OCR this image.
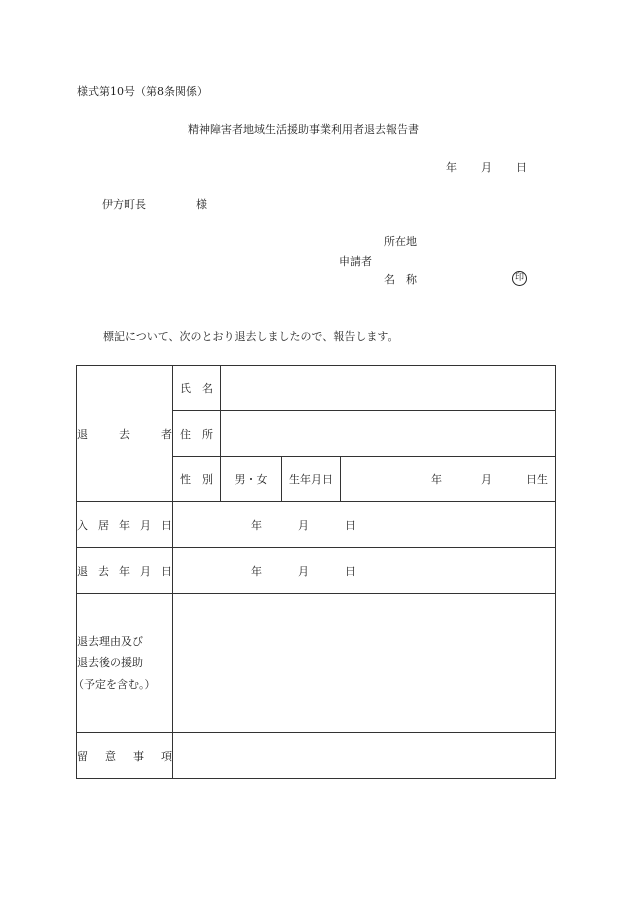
様式第10号（第8条関係）
精神障害者地域生活援助事業利用者退去報告書
年 月 日
伊方町長	様
所在地
申請者
名　称	印
標記について、次のとおり退去しましたので、報告します。
退 去 者	氏　名			
	住　所			
	性　別	男・女	生年月日	年 月 日生

入 居 年 月 日	年 月 日			

退 去 年 月 日	年 月 日			

退去理由及び
退去後の援助
（予定を含む。）				

留 意 事 項				
